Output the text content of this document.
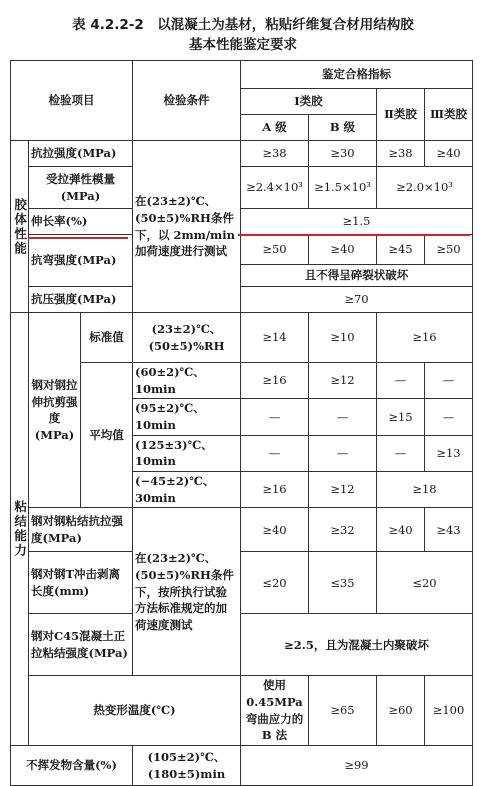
表 4.2.2-2　以混凝土为基材，粘贴纤维复合材用结构胶
基本性能鉴定要求
检验项目			检验条件	鉴定合格指标				
				Ⅰ类胶		Ⅱ类胶	Ⅲ类胶	
				A 级	B 级			
胶体性能	抗拉强度(MPa)		在(23±2)℃、(50±5)%RH条件下，以 2mm/min 加荷速度进行测试	≥38	≥30	≥38	≥40	
	受拉弹性模量(MPa)			≥2.4×10³	≥1.5×10³	≥2.0×10³		
	伸长率(%)			≥1.5				
	抗弯强度(MPa)			≥50	≥40	≥45	≥50	
				且不得呈碎裂状破坏				
	抗压强度(MPa)			≥70				
粘结能力	钢对钢拉伸抗剪强度(MPa)	标准值	(23±2)℃、(50±5)%RH	≥14	≥10	≥16		
		平均值	(60±2)℃、10min	≥16	≥12	—	—	
			(95±2)℃、10min	—	—	≥15	—	
			(125±3)℃、10min	—	—	—	≥13	
			(−45±2)℃、30min	≥16	≥12	≥18		
	钢对钢粘结抗拉强度(MPa)		在(23±2)℃、(50±5)%RH条件下，按所执行试验方法标准规定的加荷速度测试	≥40	≥32	≥40	≥43	
	钢对钢T冲击剥离长度(mm)			≤20	≤35	≤20		
	钢对C45混凝土正拉粘结强度(MPa)			≥2.5，且为混凝土内聚破坏				
	热变形温度(℃)			使用 0.45MPa 弯曲应力的 B 法	≥65	≥60	≥100	
不挥发物含量(%)			(105±2)℃、(180±5)min	≥99				
